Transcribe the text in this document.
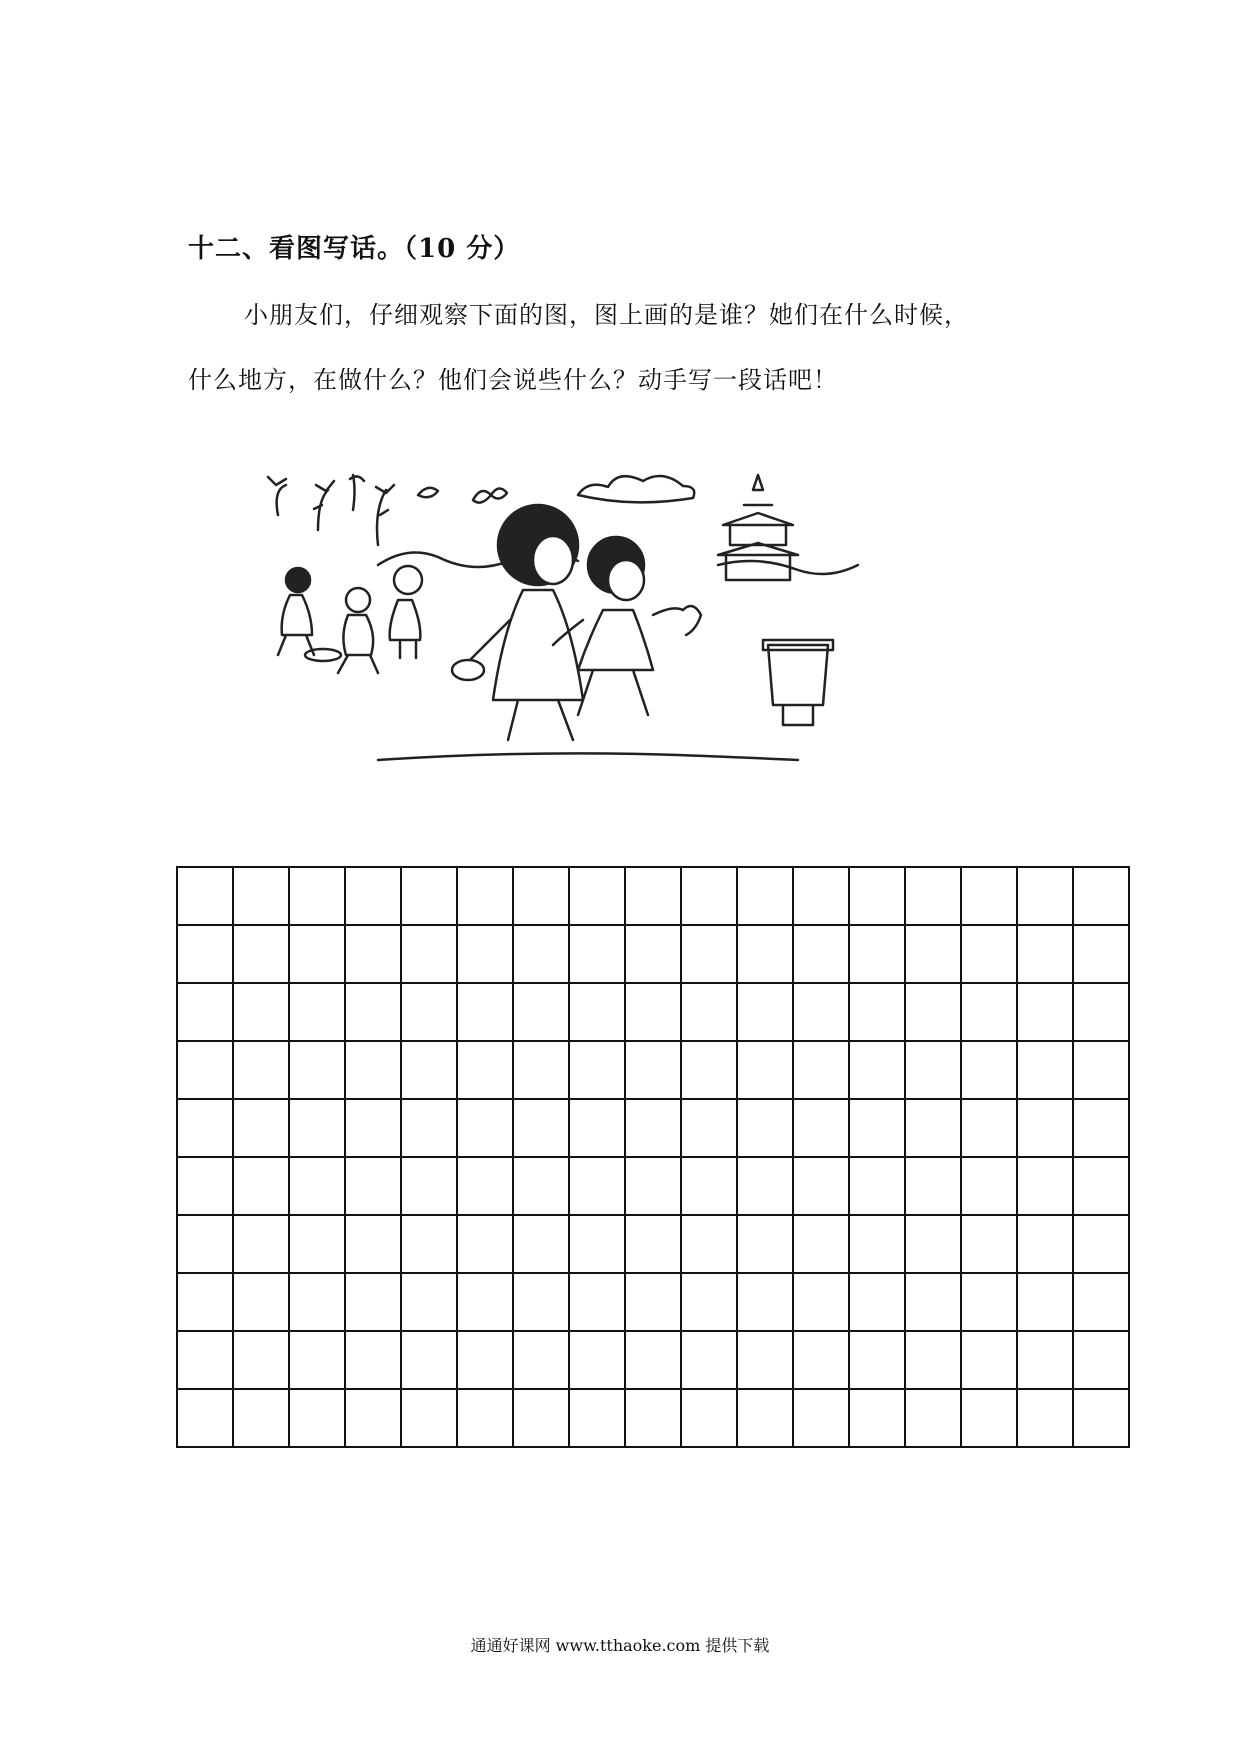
十二、看图写话。（10 分）
小朋友们，仔细观察下面的图，图上画的是谁？她们在什么时候，
什么地方，在做什么？他们会说些什么？动手写一段话吧！
通通好课网 www.tthaoke.com 提供下载
